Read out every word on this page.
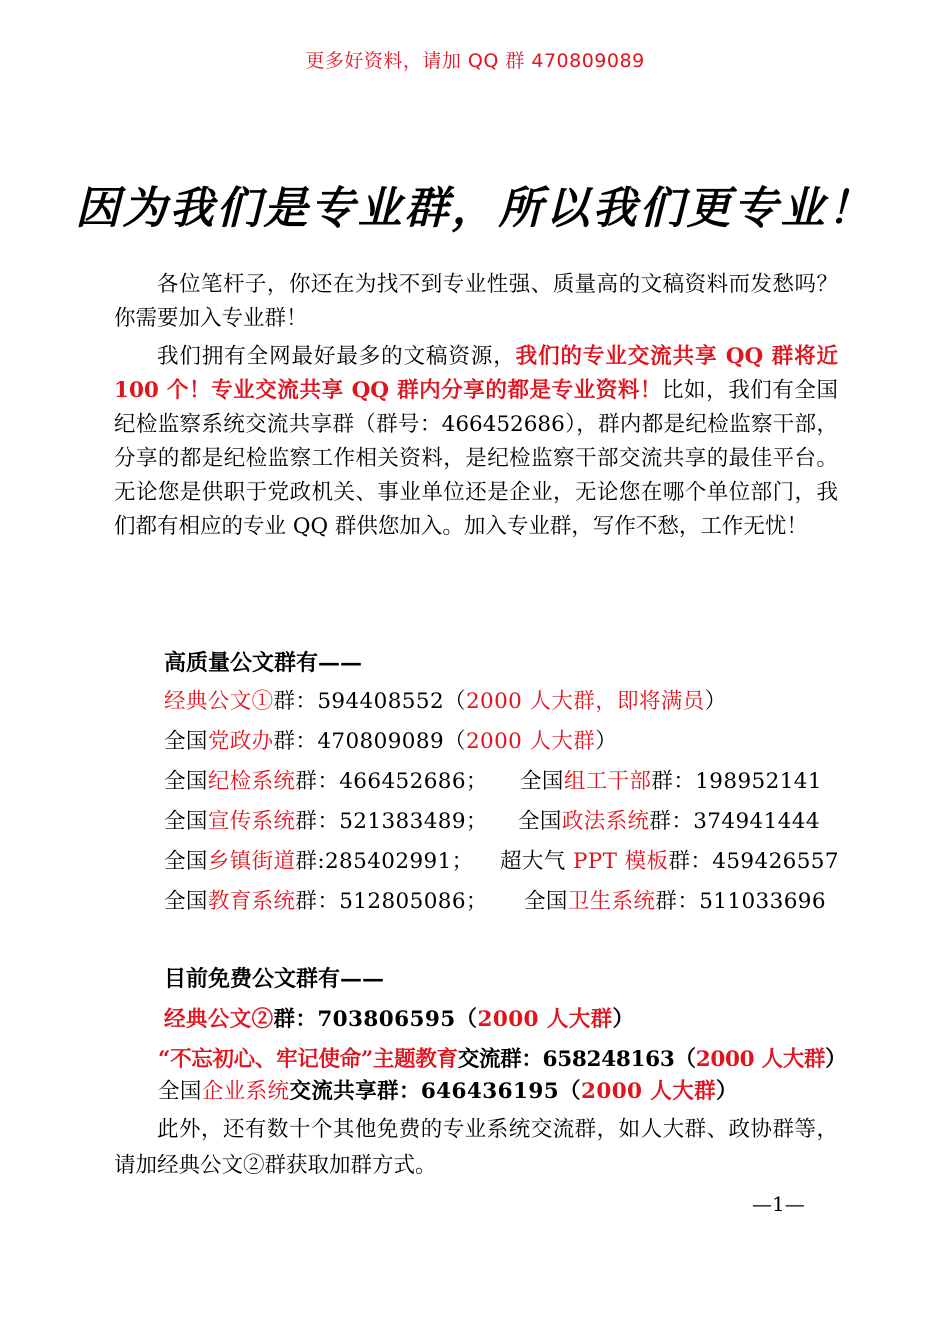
更多好资料，请加 QQ 群 470809089
因为我们是专业群，所以我们更专业！

各位笔杆子，你还在为找不到专业性强、质量高的文稿资料而发愁吗？你需要加入专业群！

我们拥有全网最好最多的文稿资源，我们的专业交流共享 QQ 群将近 100 个！专业交流共享 QQ 群内分享的都是专业资料！比如，我们有全国纪检监察系统交流共享群（群号：466452686），群内都是纪检监察干部，分享的都是纪检监察工作相关资料，是纪检监察干部交流共享的最佳平台。无论您是供职于党政机关、事业单位还是企业，无论您在哪个单位部门，我们都有相应的专业 QQ 群供您加入。加入专业群，写作不愁，工作无忧！

高质量公文群有——
经典公文①群：594408552（2000 人大群，即将满员）
全国党政办群：470809089（2000 人大群）
全国纪检系统群：466452686； 全国组工干部群：198952141
全国宣传系统群：521383489； 全国政法系统群：374941444
全国乡镇街道群:285402991； 超大气 PPT 模板群：459426557
全国教育系统群：512805086； 全国卫生系统群：511033696
目前免费公文群有——
经典公文②群：703806595（2000 人大群）
“不忘初心、牢记使命”主题教育交流群：658248163（2000 人大群）
全国企业系统交流共享群：646436195（2000 人大群）

此外，还有数十个其他免费的专业系统交流群，如人大群、政协群等，请加经典公文②群获取加群方式。

—1—
